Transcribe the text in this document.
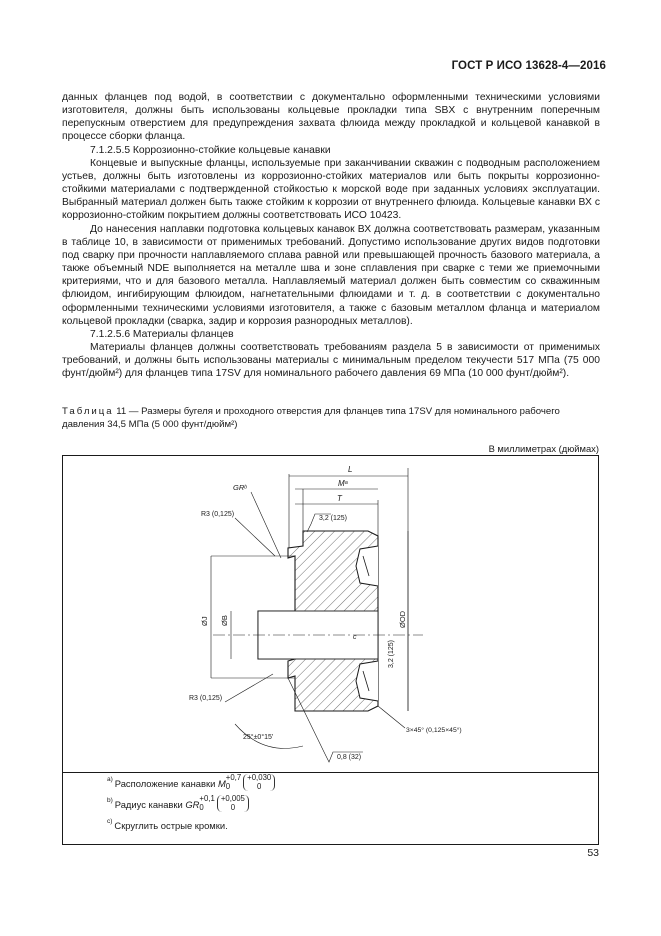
ГОСТ Р ИСО 13628-4—2016

данных фланцев под водой, в соответствии с документально оформленными техническими условиями изготовителя, должны быть использованы кольцевые прокладки типа SBX с внутренним поперечным перепускным отверстием для предупреждения захвата флюида между прокладкой и кольцевой канавкой в процессе сборки фланца.

7.1.2.5.5 Коррозионно-стойкие кольцевые канавки

Концевые и выпускные фланцы, используемые при заканчивании скважин с подводным расположением устьев, должны быть изготовлены из коррозионно-стойких материалов или быть покрыты коррозионно-стойкими материалами с подтвержденной стойкостью к морской воде при заданных условиях эксплуатации. Выбранный материал должен быть также стойким к коррозии от внутреннего флюида. Кольцевые канавки ВХ с коррозионно-стойким покрытием должны соответствовать ИСО 10423.

До нанесения наплавки подготовка кольцевых канавок ВХ должна соответствовать размерам, указанным в таблице 10, в зависимости от применимых требований. Допустимо использование других видов подготовки под сварку при прочности наплавляемого сплава равной или превышающей прочность базового материала, а также объемный NDE выполняется на металле шва и зоне сплавления при сварке с теми же приемочными критериями, что и для базового металла. Наплавляемый материал должен быть совместим со скважинным флюидом, ингибирующим флюидом, нагнетательными флюидами и т. д. в соответствии с документально оформленными техническими условиями изготовителя, а также с базовым металлом фланца и материалом кольцевой прокладки (сварка, задир и коррозия разнородных металлов).

7.1.2.5.6 Материалы фланцев

Материалы фланцев должны соответствовать требованиям раздела 5 в зависимости от применимых требований, и должны быть использованы материалы с минимальным пределом текучести 517 МПа (75 000 фунт/дюйм²) для фланцев типа 17SV для номинального рабочего давления 69 МПа (10 000 фунт/дюйм²).

Таблица 11 — Размеры бугеля и проходного отверстия для фланцев типа 17SV для номинального рабочего давления 34,5 МПа (5 000 фунт/дюйм²)
В миллиметрах (дюймах)
L
Mᵃ
T
GRᵇ
R3 (0,125)
3,2 (125)
ØJ ØB	ØOD
3,2 (125)
c
R3 (0,125)
3×45° (0,125×45°)
25°±0°15'
0,8 (32)
$^{a)}$ Расположение канавки
M
+0,7
0
+0,030
0
$^{b)}$ Радиус канавки
GR
+0,1
0
+0,005
0
$^{c)}$ Скруглить острые кромки.
53
